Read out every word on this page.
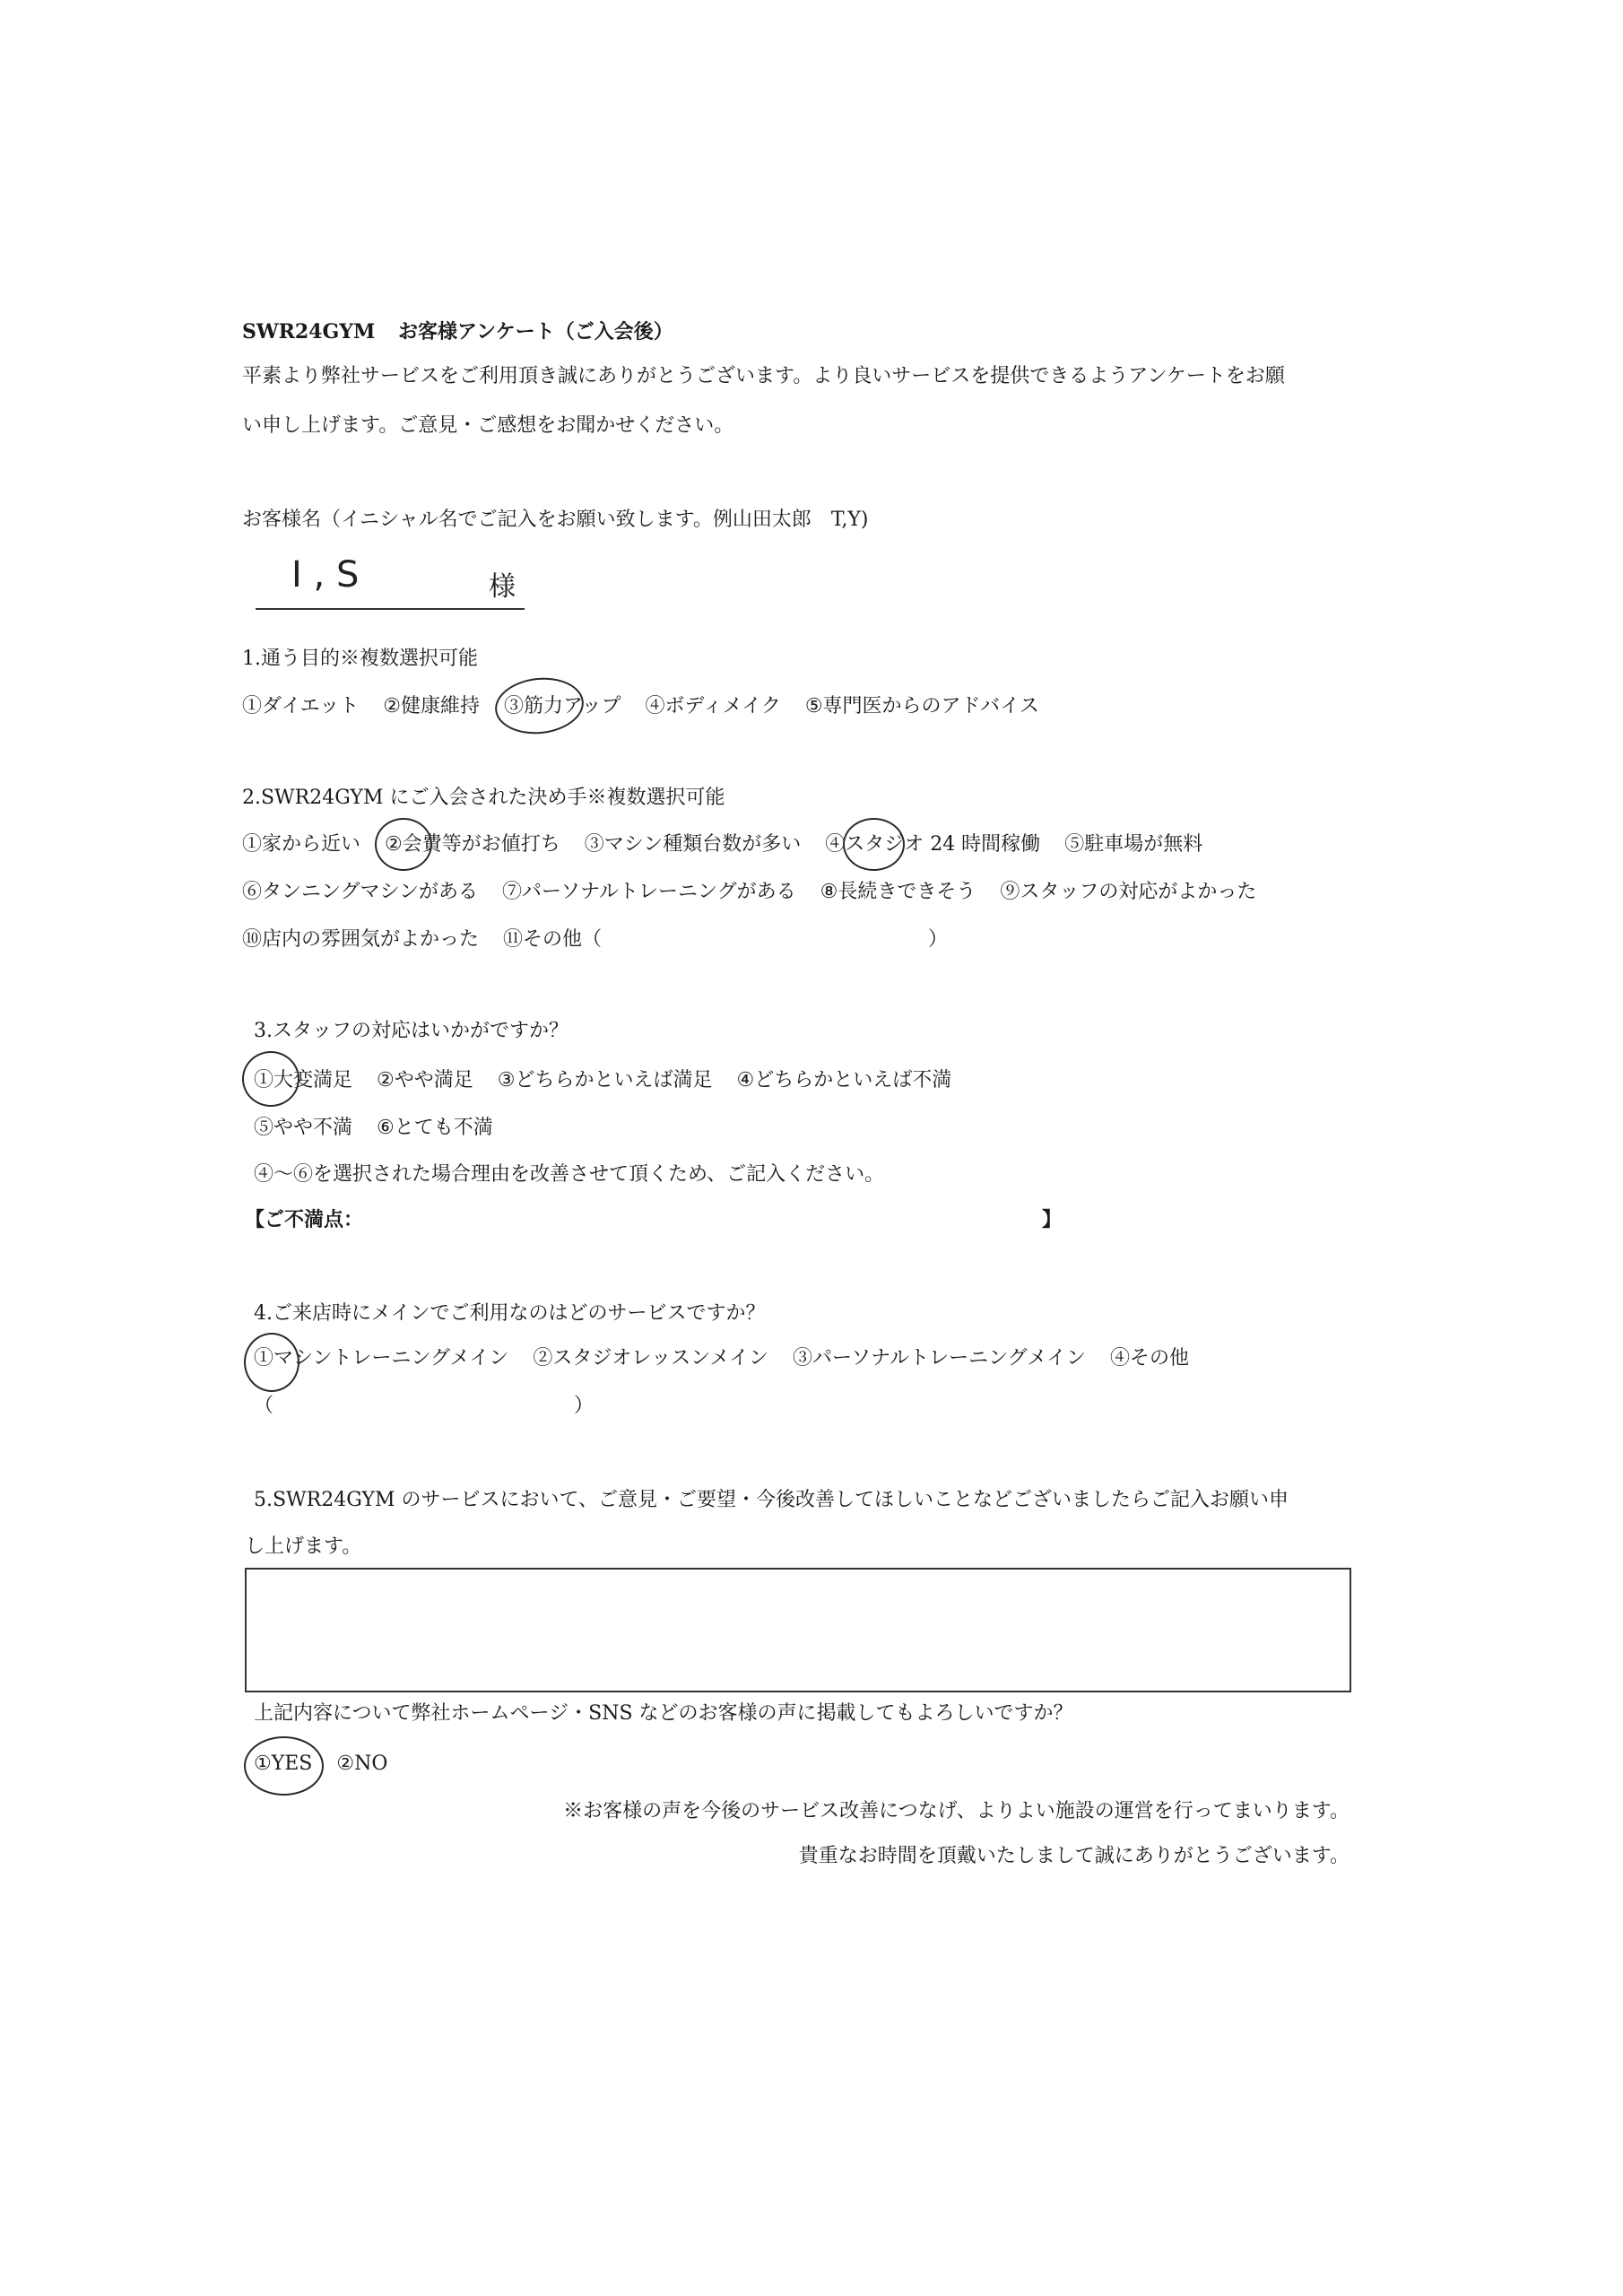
SWR24GYM お客様アンケート（ご入会後）
平素より弊社サービスをご利用頂き誠にありがとうございます。より良いサービスを提供できるようアンケートをお願
い申し上げます。ご意見・ご感想をお聞かせください。
お客様名（イニシャル名でご記入をお願い致します。例山田太郎　T,Y)
I , S	様
1.通う目的※複数選択可能
①ダイエット ②健康維持 ③筋力アップ ④ボディメイク ⑤専門医からのアドバイス
2.SWR24GYM にご入会された決め手※複数選択可能
①家から近い ②会費等がお値打ち ③マシン種類台数が多い ④スタジオ 24 時間稼働 ⑤駐車場が無料
⑥タンニングマシンがある ⑦パーソナルトレーニングがある ⑧長続きできそう ⑨スタッフの対応がよかった
⑩店内の雰囲気がよかった ⑪その他（	）
3.スタッフの対応はいかがですか？
①大変満足 ②やや満足 ③どちらかといえば満足 ④どちらかといえば不満
⑤やや不満 ⑥とても不満
④～⑥を選択された場合理由を改善させて頂くため、ご記入ください。
【ご不満点：	】
4.ご来店時にメインでご利用なのはどのサービスですか？
①マシントレーニングメイン ②スタジオレッスンメイン ③パーソナルトレーニングメイン ④その他
（	）
5.SWR24GYM のサービスにおいて、ご意見・ご要望・今後改善してほしいことなどございましたらご記入お願い申
し上げます。
上記内容について弊社ホームページ・SNS などのお客様の声に掲載してもよろしいですか？
①YES ②NO
※お客様の声を今後のサービス改善につなげ、よりよい施設の運営を行ってまいります。
貴重なお時間を頂戴いたしまして誠にありがとうございます。
